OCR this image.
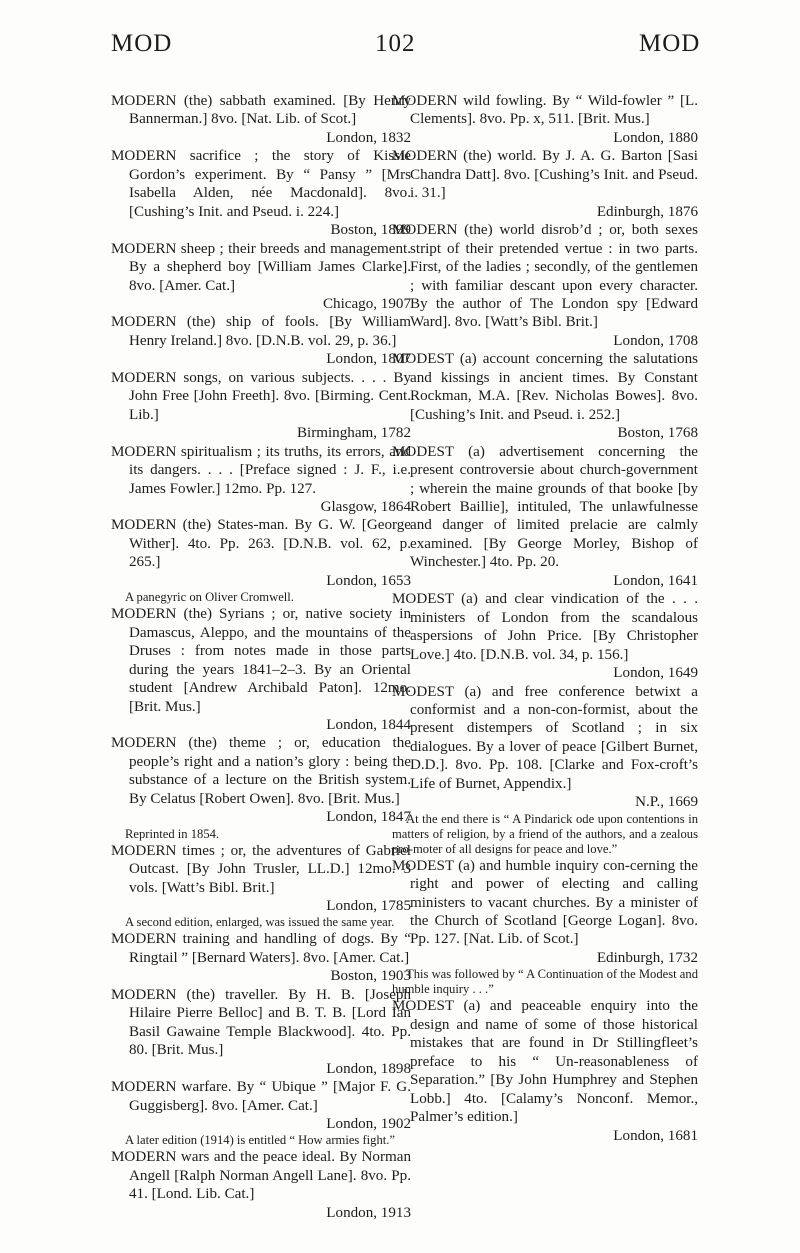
MOD	102	MOD
MODERN (the) sabbath examined. [By Henry Bannerman.] 8vo. [Nat. Lib. of Scot.]
London, 1832
MODERN sacrifice ; the story of Kissie Gordon’s experiment. By “ Pansy ” [Mrs Isabella Alden, née Macdonald]. 8vo. [Cushing’s Init. and Pseud. i. 224.]
Boston, 1899
MODERN sheep ; their breeds and management. By a shepherd boy [William James Clarke]. 8vo. [Amer. Cat.]
Chicago, 1907
MODERN (the) ship of fools. [By William Henry Ireland.] 8vo. [D.N.B. vol. 29, p. 36.]
London, 1807
MODERN songs, on various subjects. . . . By John Free [John Freeth]. 8vo. [Birming. Cent. Lib.]
Birmingham, 1782
MODERN spiritualism ; its truths, its errors, and its dangers. . . . [Preface signed : J. F., i.e. James Fowler.] 12mo. Pp. 127.
Glasgow, 1864
MODERN (the) States-man. By G. W. [George Wither]. 4to. Pp. 263. [D.N.B. vol. 62, p. 265.]
London, 1653
A panegyric on Oliver Cromwell.
MODERN (the) Syrians ; or, native society in Damascus, Aleppo, and the mountains of the Druses : from notes made in those parts during the years 1841–2–3. By an Oriental student [Andrew Archibald Paton]. 12mo. [Brit. Mus.]
London, 1844
MODERN (the) theme ; or, education the people’s right and a nation’s glory : being the substance of a lecture on the British system. By Celatus [Robert Owen]. 8vo. [Brit. Mus.]
London, 1847
Reprinted in 1854.
MODERN times ; or, the adventures of Gabriel Outcast. [By John Trusler, LL.D.] 12mo. 3 vols. [Watt’s Bibl. Brit.]
London, 1785
A second edition, enlarged, was issued the same year.
MODERN training and handling of dogs. By “ Ringtail ” [Bernard Waters]. 8vo. [Amer. Cat.]
Boston, 1903
MODERN (the) traveller. By H. B. [Joseph Hilaire Pierre Belloc] and B. T. B. [Lord Ian Basil Gawaine Temple Blackwood]. 4to. Pp. 80. [Brit. Mus.]
London, 1898
MODERN warfare. By “ Ubique ” [Major F. G. Guggisberg]. 8vo. [Amer. Cat.]
London, 1902
A later edition (1914) is entitled “ How armies fight.”
MODERN wars and the peace ideal. By Norman Angell [Ralph Norman Angell Lane]. 8vo. Pp. 41. [Lond. Lib. Cat.]
London, 1913
MODERN wild fowling. By “ Wild-fowler ” [L. Clements]. 8vo. Pp. x, 511. [Brit. Mus.]
London, 1880
MODERN (the) world. By J. A. G. Barton [Sasi Chandra Datt]. 8vo. [Cushing’s Init. and Pseud. i. 31.]
Edinburgh, 1876
MODERN (the) world disrob’d ; or, both sexes stript of their pretended vertue : in two parts. First, of the ladies ; secondly, of the gentlemen ; with familiar descant upon every character. By the author of The London spy [Edward Ward]. 8vo. [Watt’s Bibl. Brit.]
London, 1708
MODEST (a) account concerning the salutations and kissings in ancient times. By Constant Rockman, M.A. [Rev. Nicholas Bowes]. 8vo. [Cushing’s Init. and Pseud. i. 252.]
Boston, 1768
MODEST (a) advertisement concerning the present controversie about church-government ; wherein the maine grounds of that booke [by Robert Baillie], intituled, The unlawfulnesse and danger of limited prelacie are calmly examined. [By George Morley, Bishop of Winchester.] 4to. Pp. 20.
London, 1641
MODEST (a) and clear vindication of the . . . ministers of London from the scandalous aspersions of John Price. [By Christopher Love.] 4to. [D.N.B. vol. 34, p. 156.]
London, 1649
MODEST (a) and free conference betwixt a conformist and a non-con-formist, about the present distempers of Scotland ; in six dialogues. By a lover of peace [Gilbert Burnet, D.D.]. 8vo. Pp. 108. [Clarke and Fox-croft’s Life of Burnet, Appendix.]
N.P., 1669
At the end there is “ A Pindarick ode upon contentions in matters of religion, by a friend of the authors, and a zealous pro-moter of all designs for peace and love.”
MODEST (a) and humble inquiry con-cerning the right and power of electing and calling ministers to vacant churches. By a minister of the Church of Scotland [George Logan]. 8vo. Pp. 127. [Nat. Lib. of Scot.]
Edinburgh, 1732
This was followed by “ A Continuation of the Modest and humble inquiry . . .”
MODEST (a) and peaceable enquiry into the design and name of some of those historical mistakes that are found in Dr Stillingfleet’s preface to his “ Un-reasonableness of Separation.” [By John Humphrey and Stephen Lobb.] 4to. [Calamy’s Nonconf. Memor., Palmer’s edition.]
London, 1681
